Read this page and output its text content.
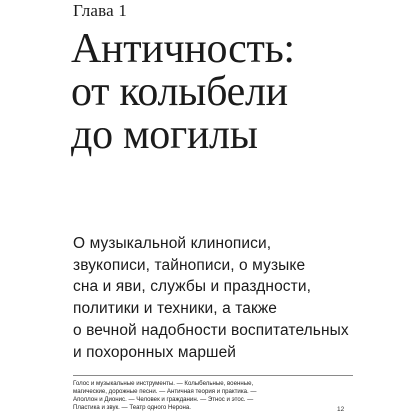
Глава 1
Античность:
от колыбели
до могилы

О музыкальной клинописи,
звукописи, тайнописи, о музыке
сна и яви, службы и праздности,
политики и техники, а также
о вечной надобности воспитательных
и похоронных маршей

Голос и музыкальные инструменты. — Колыбельные, военные,
магические, дорожные песни. — Античная теория и практика. —
Аполлон и Дионис. — Человек и гражданин. — Этнос и этос. —
Пластика и звук. — Театр одного Нерона.	12
